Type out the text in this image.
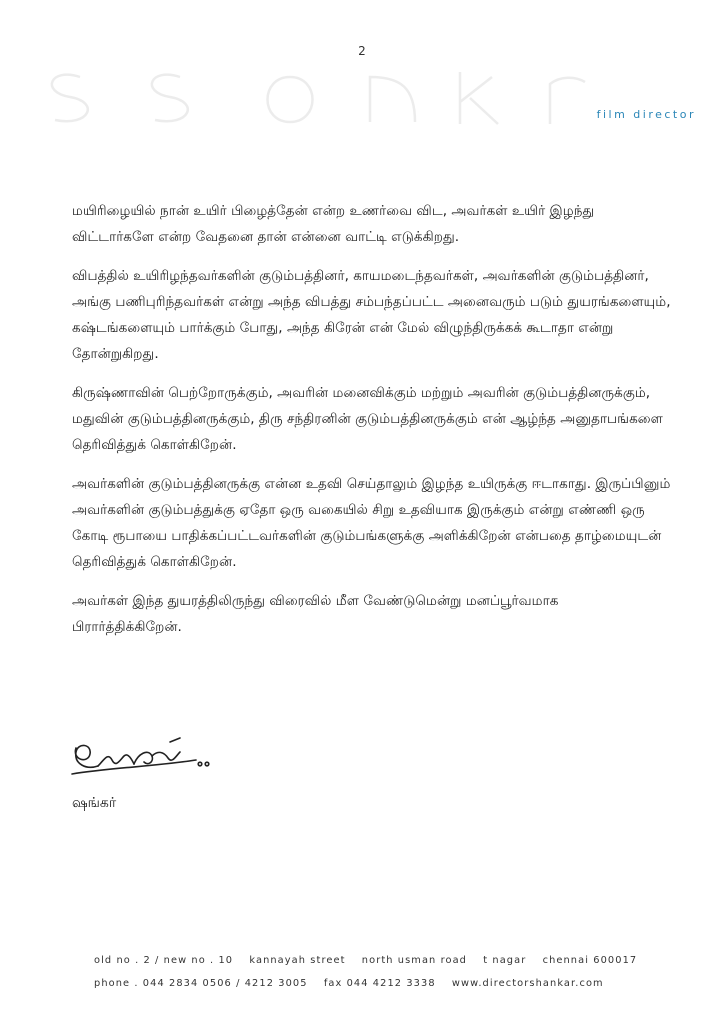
2
film director

மயிரிழையில் நான் உயிர் பிழைத்தேன் என்ற உணர்வை விட, அவர்கள் உயிர் இழந்து விட்டார்களே என்ற வேதனை தான் என்னை வாட்டி எடுக்கிறது.

விபத்தில் உயிரிழந்தவர்களின் குடும்பத்தினர், காயமடைந்தவர்கள், அவர்களின் குடும்பத்தினர், அங்கு பணிபுரிந்தவர்கள் என்று அந்த விபத்து சம்பந்தப்பட்ட அனைவரும் படும் துயரங்களையும், கஷ்டங்களையும் பார்க்கும் போது, அந்த கிரேன் என் மேல் விழுந்திருக்கக் கூடாதா என்று தோன்றுகிறது.

கிருஷ்ணாவின் பெற்றோருக்கும், அவரின் மனைவிக்கும் மற்றும் அவரின் குடும்பத்தினருக்கும், மதுவின் குடும்பத்தினருக்கும், திரு சந்திரனின் குடும்பத்தினருக்கும் என் ஆழ்ந்த அனுதாபங்களை தெரிவித்துக் கொள்கிறேன்.

அவர்களின் குடும்பத்தினருக்கு என்ன உதவி செய்தாலும் இழந்த உயிருக்கு ஈடாகாது. இருப்பினும் அவர்களின் குடும்பத்துக்கு ஏதோ ஒரு வகையில் சிறு உதவியாக இருக்கும் என்று எண்ணி ஒரு கோடி ரூபாயை பாதிக்கப்பட்டவர்களின் குடும்பங்களுக்கு அளிக்கிறேன் என்பதை தாழ்மையுடன் தெரிவித்துக் கொள்கிறேன்.

அவர்கள் இந்த துயரத்திலிருந்து விரைவில் மீள வேண்டுமென்று மனப்பூர்வமாக பிரார்த்திக்கிறேன்.

ஷங்கர்
old no . 2 / new no . 10 kannayah street north usman road t nagar chennai 600017
phone . 044 2834 0506 / 4212 3005 fax 044 4212 3338 www.directorshankar.com
